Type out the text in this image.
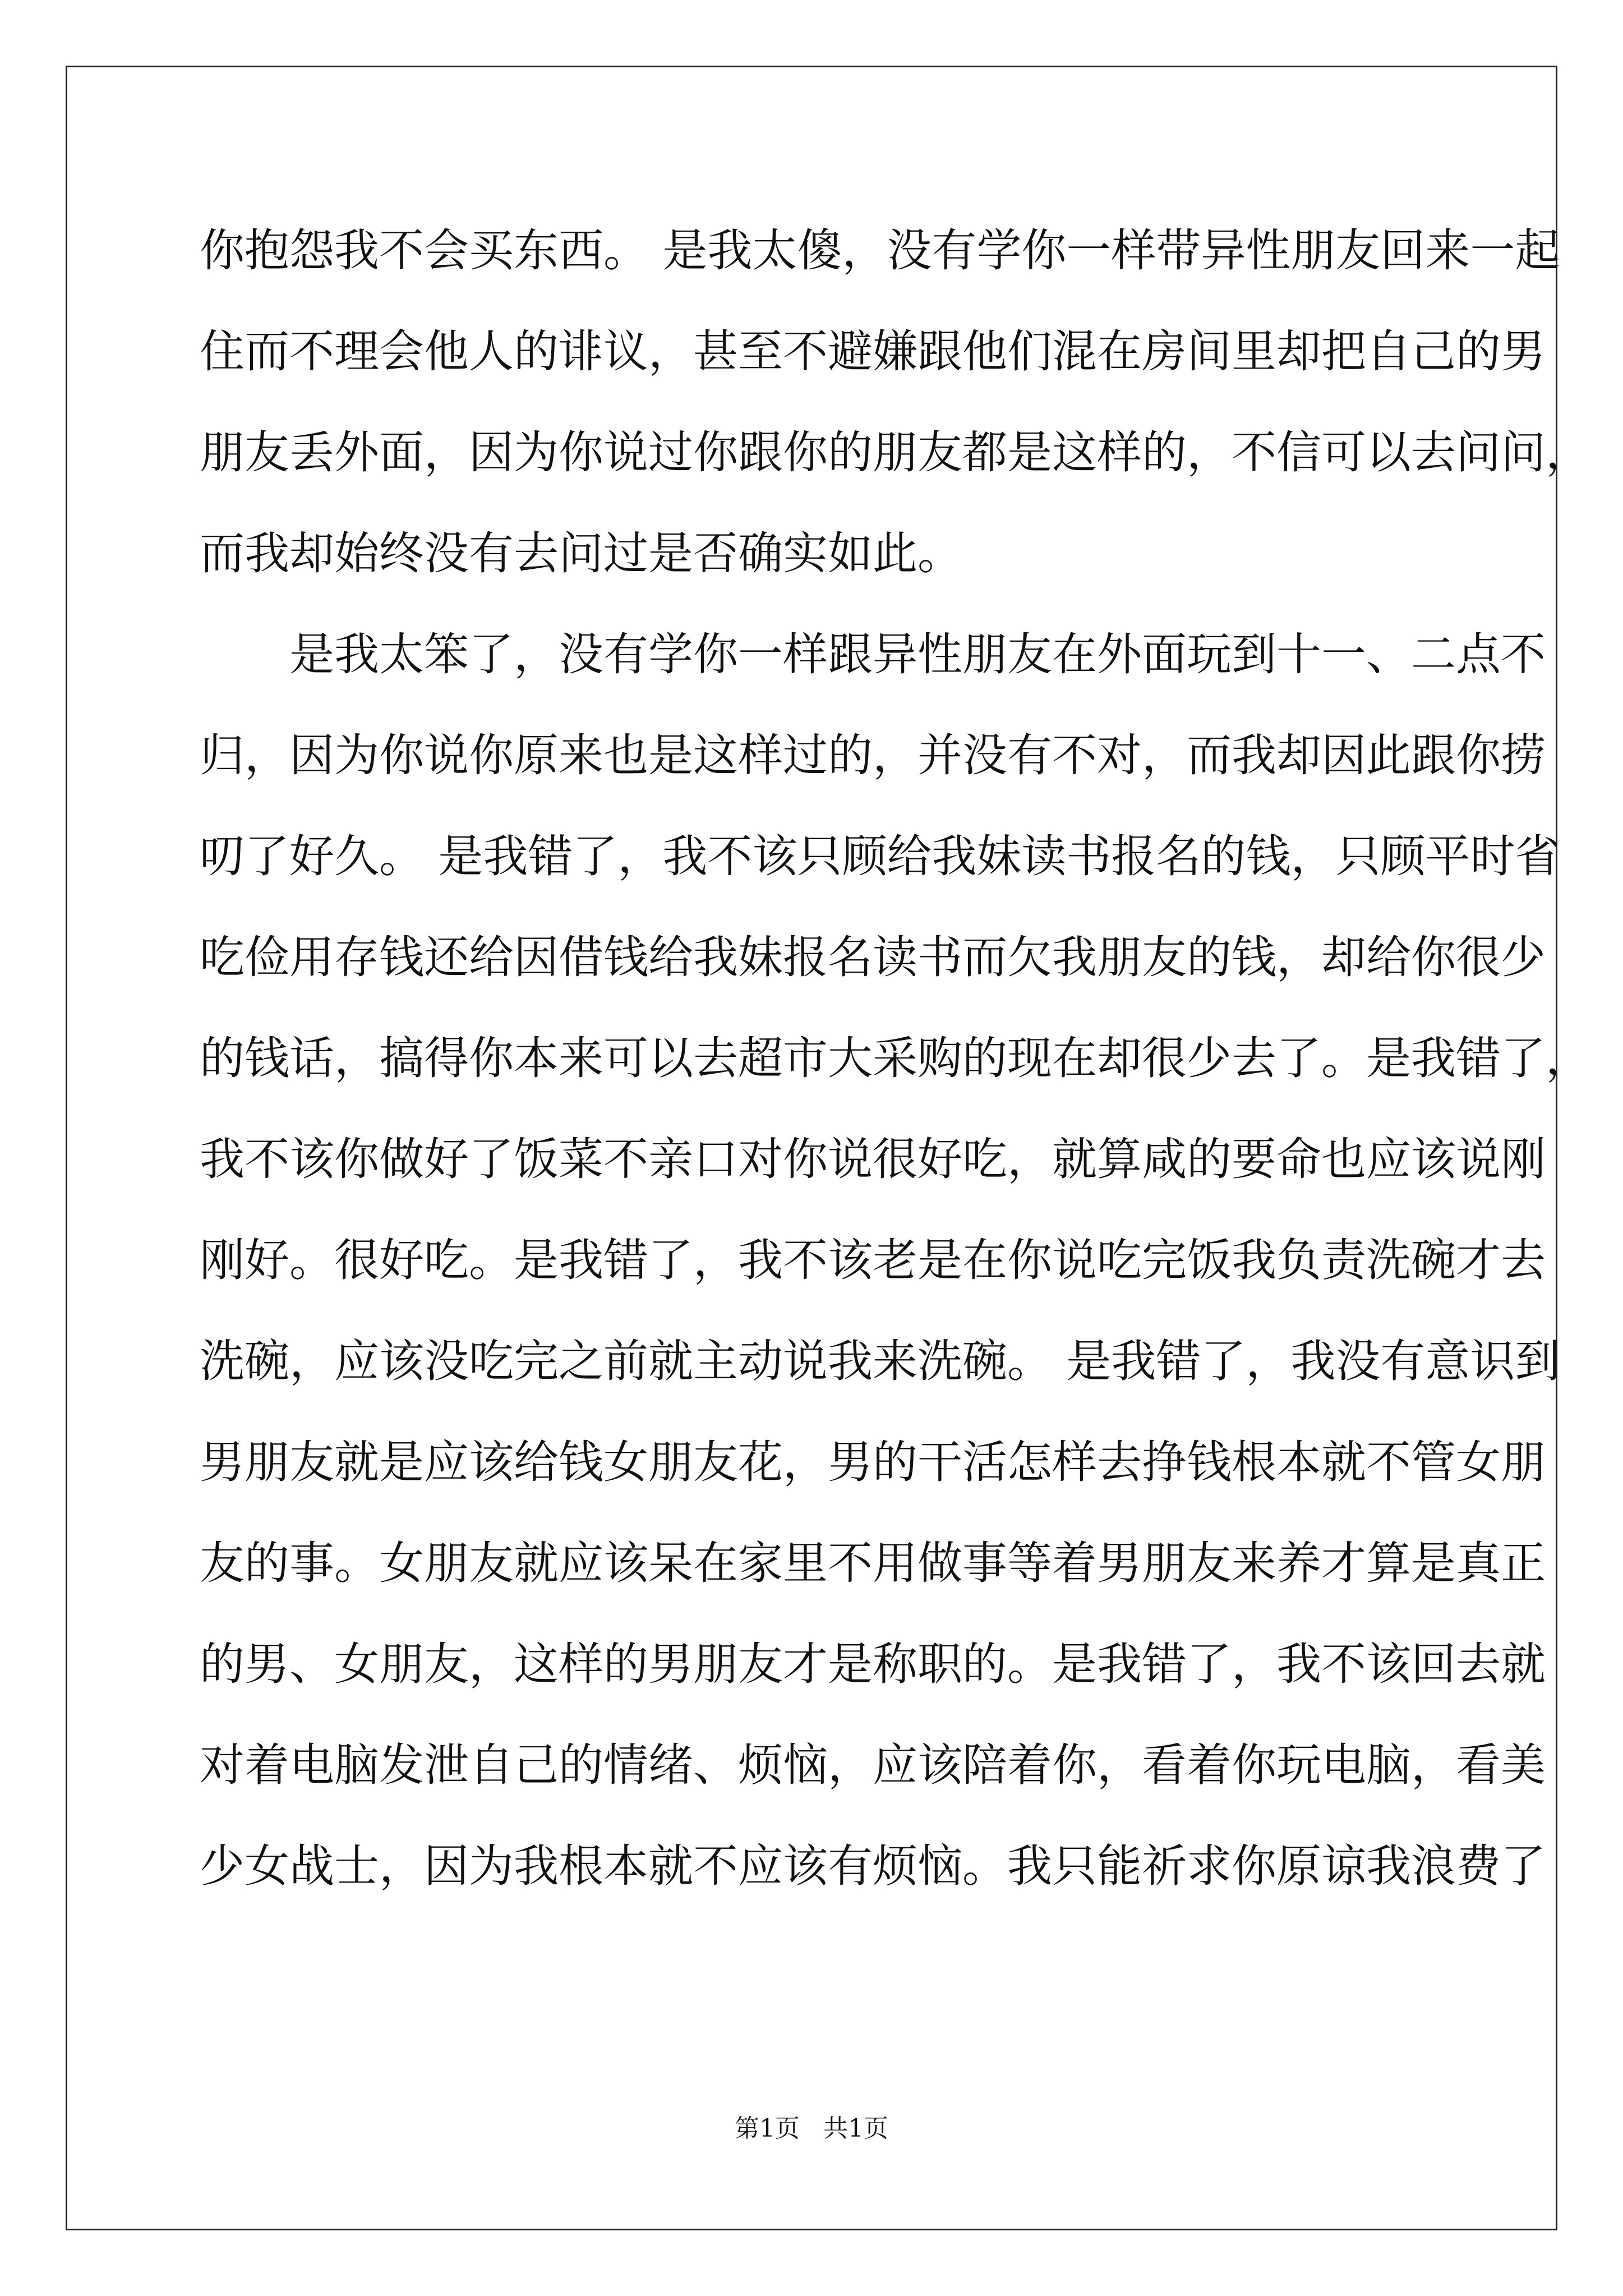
你抱怨我不会买东西。 是我太傻，没有学你一样带异性朋友回来一起
住而不理会他人的诽议，甚至不避嫌跟他们混在房间里却把自己的男
朋友丢外面，因为你说过你跟你的朋友都是这样的，不信可以去问问，
而我却始终没有去问过是否确实如此。
　　是我太笨了，没有学你一样跟异性朋友在外面玩到十一、二点不
归，因为你说你原来也是这样过的，并没有不对，而我却因此跟你捞
叨了好久。 是我错了，我不该只顾给我妹读书报名的钱，只顾平时省
吃俭用存钱还给因借钱给我妹报名读书而欠我朋友的钱，却给你很少
的钱话，搞得你本来可以去超市大采购的现在却很少去了。是我错了，
我不该你做好了饭菜不亲口对你说很好吃，就算咸的要命也应该说刚
刚好。很好吃。是我错了，我不该老是在你说吃完饭我负责洗碗才去
洗碗，应该没吃完之前就主动说我来洗碗。 是我错了，我没有意识到
男朋友就是应该给钱女朋友花，男的干活怎样去挣钱根本就不管女朋
友的事。女朋友就应该呆在家里不用做事等着男朋友来养才算是真正
的男、女朋友，这样的男朋友才是称职的。是我错了，我不该回去就
对着电脑发泄自己的情绪、烦恼，应该陪着你，看着你玩电脑，看美
少女战士，因为我根本就不应该有烦恼。我只能祈求你原谅我浪费了
第1页   共1页
